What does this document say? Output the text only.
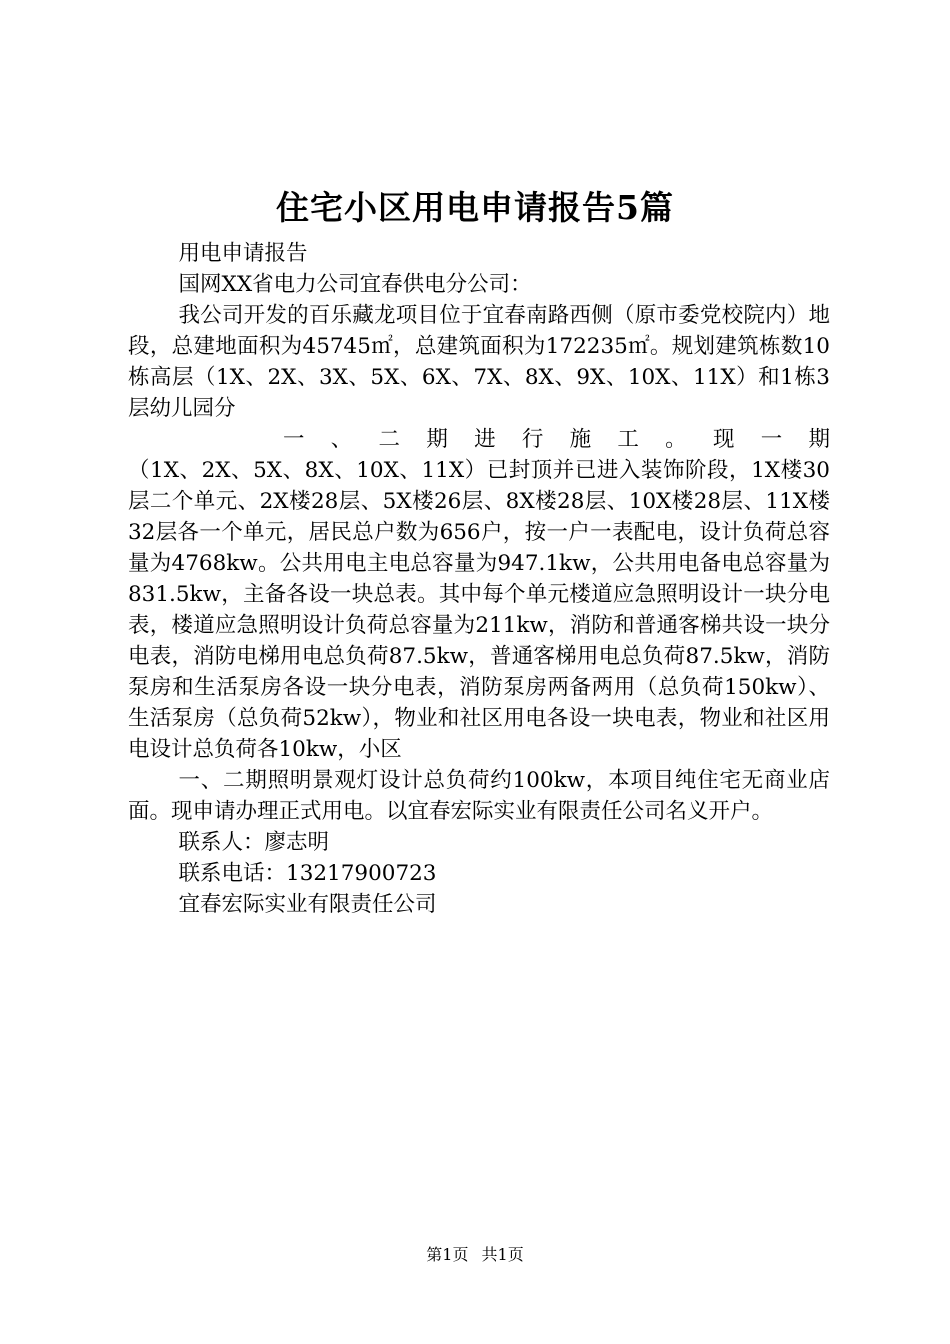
住宅小区用电申请报告5篇

用电申请报告

国网XX省电力公司宜春供电分公司：

我公司开发的百乐藏龙项目位于宜春南路西侧（原市委党校院内）地段，总建地面积为45745㎡，总建筑面积为172235㎡。规划建筑栋数10栋高层（1X、2X、3X、5X、6X、7X、8X、9X、10X、11X）和1栋3层幼儿园分

一、二期进行施工。现一期

（1X、2X、5X、8X、10X、11X）已封顶并已进入装饰阶段，1X楼30层二个单元、2X楼28层、5X楼26层、8X楼28层、10X楼28层、11X楼32层各一个单元，居民总户数为656户，按一户一表配电，设计负荷总容量为4768kw。公共用电主电总容量为947.1kw，公共用电备电总容量为831.5kw，主备各设一块总表。其中每个单元楼道应急照明设计一块分电表，楼道应急照明设计负荷总容量为211kw，消防和普通客梯共设一块分电表，消防电梯用电总负荷87.5kw，普通客梯用电总负荷87.5kw，消防泵房和生活泵房各设一块分电表，消防泵房两备两用（总负荷150kw）、生活泵房（总负荷52kw），物业和社区用电各设一块电表，物业和社区用电设计总负荷各10kw，小区

一、二期照明景观灯设计总负荷约100kw，本项目纯住宅无商业店面。现申请办理正式用电。以宜春宏际实业有限责任公司名义开户。

联系人：廖志明

联系电话：13217900723

宜春宏际实业有限责任公司

第1页 共1页
